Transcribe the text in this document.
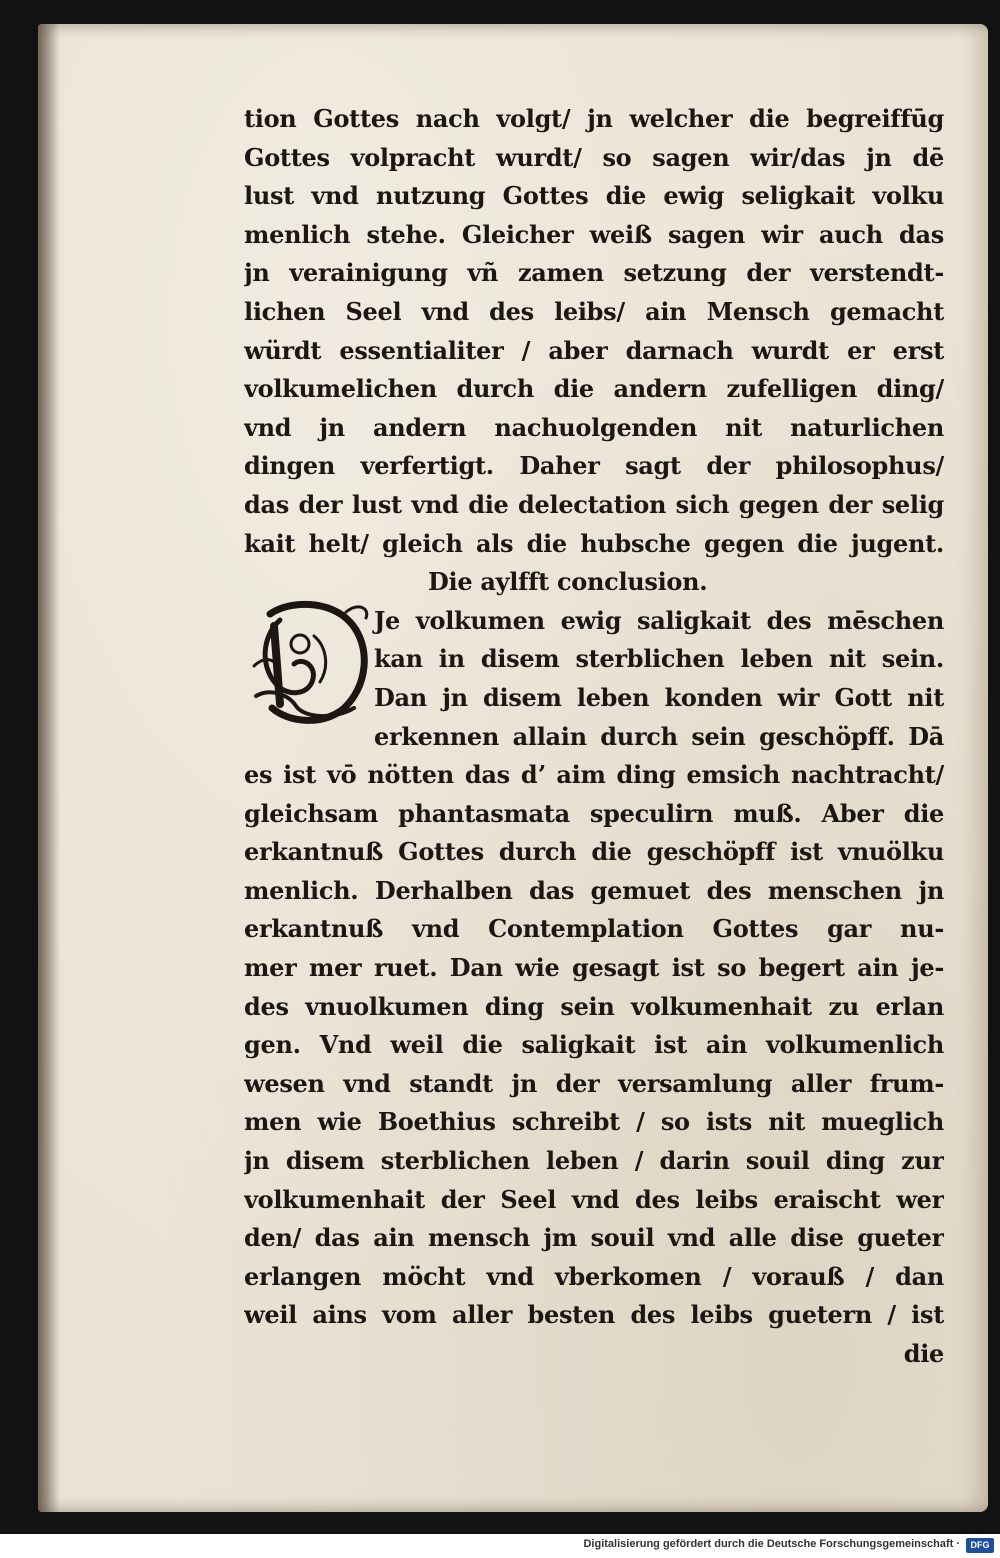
D
tion Gottes nach volgt/ jn welcher die begreiffūg
Gottes volpracht wurdt/ so sagen wir/das jn dē
lust vnd nutzung Gottes die ewig seligkait volku
menlich stehe. Gleicher weiß sagen wir auch das
jn verainigung vñ zamen setzung der verstendt-
lichen Seel vnd des leibs/ ain Mensch gemacht
würdt essentialiter / aber darnach wurdt er erst
volkumelichen durch die andern zufelligen ding/
vnd jn andern nachuolgenden nit naturlichen
dingen verfertigt. Daher sagt der philosophus/
das der lust vnd die delectation sich gegen der selig
kait helt/ gleich als die hubsche gegen die jugent.
Die aylfft conclusion.
Je volkumen ewig saligkait des mēschen
kan in disem sterblichen leben nit sein.
Dan jn disem leben konden wir Gott nit
erkennen allain durch sein geschöpff. Dā
es ist vō nötten das dʼ aim ding emsich nachtracht/
gleichsam phantasmata speculirn muß. Aber die
erkantnuß Gottes durch die geschöpff ist vnuölku
menlich. Derhalben das gemuet des menschen jn
erkantnuß vnd Contemplation Gottes gar nu-
mer mer ruet. Dan wie gesagt ist so begert ain je-
des vnuolkumen ding sein volkumenhait zu erlan
gen. Vnd weil die saligkait ist ain volkumenlich
wesen vnd standt jn der versamlung aller frum-
men wie Boethius schreibt / so ists nit mueglich
jn disem sterblichen leben / darin souil ding zur
volkumenhait der Seel vnd des leibs eraischt wer
den/ das ain mensch jm souil vnd alle dise gueter
erlangen möcht vnd vberkomen / vorauß / dan
weil ains vom aller besten des leibs guetern / ist
die
Digitalisierung gefördert durch die Deutsche Forschungsgemeinschaft ·	DFG
